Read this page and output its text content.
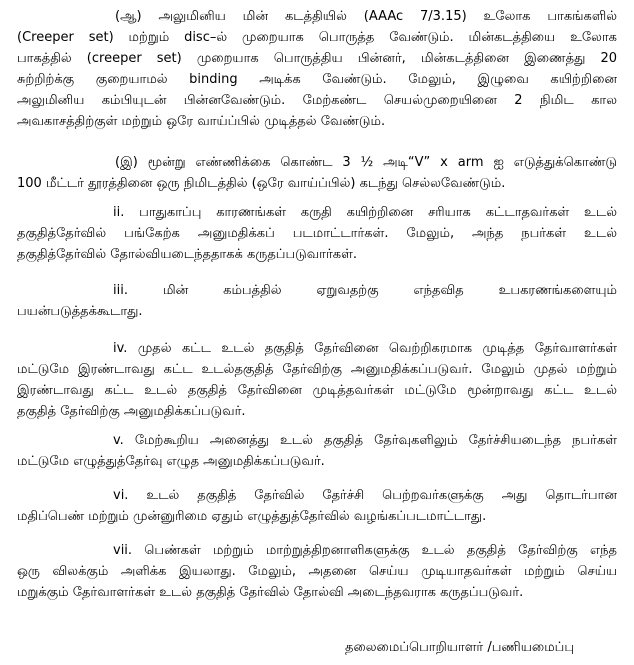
(ஆ) அலுமினிய மின் கடத்தியில் (AAAc 7/3.15) உலோக பாகங்களில்
(Creeper set) மற்றும் disc–ல் முறையாக பொருத்த வேண்டும். மின்கடத்தியை உலோக
பாகத்தில் (creeper set) முறையாக பொருத்திய பின்னர், மின்கடத்தினை இணைத்து 20
சுற்றிற்க்கு குறையாமல் binding அடிக்க வேண்டும். மேலும், இழுவை கயிற்றினை
அலுமினிய கம்பியுடன் பின்னவேண்டும். மேற்கண்ட செயல்முறையினை 2 நிமிட கால
அவகாசத்திற்குள் மற்றும் ஒரே வாய்ப்பில் முடித்தல் வேண்டும்.
(இ) மூன்று எண்ணிக்கை கொண்ட 3 ½ அடி“V” x arm ஐ எடுத்துக்கொண்டு
100 மீட்டர் தூரத்தினை ஒரு நிமிடத்தில் (ஒரே வாய்ப்பில்) கடந்து செல்லவேண்டும்.
ii. பாதுகாப்பு காரணங்கள் கருதி கயிற்றினை சரியாக கட்டாதவர்கள் உடல்
தகுதித்தேர்வில் பங்கேற்க அனுமதிக்கப் படமாட்டார்கள். மேலும், அந்த நபர்கள் உடல்
தகுதித்தேர்வில் தோல்வியடைந்ததாகக் கருதப்படுவார்கள்.
iii. மின் கம்பத்தில் ஏறுவதற்கு எந்தவித உபகரணங்களையும்
பயன்படுத்தக்கூடாது.
iv. முதல் கட்ட உடல் தகுதித் தேர்வினை வெற்றிகரமாக முடித்த தேர்வாளர்கள்
மட்டுமே இரண்டாவது கட்ட உடல்தகுதித் தேர்விற்கு அனுமதிக்கப்படுவர். மேலும் முதல் மற்றும்
இரண்டாவது கட்ட உடல் தகுதித் தேர்வினை முடித்தவர்கள் மட்டுமே மூன்றாவது கட்ட உடல்
தகுதித் தேர்விற்கு அனுமதிக்கப்படுவர்.
v. மேற்கூறிய அனைத்து உடல் தகுதித் தேர்வுகளிலும் தேர்ச்சியடைந்த நபர்கள்
மட்டுமே எழுத்துத்தேர்வு எழுத அனுமதிக்கப்படுவர்.
vi. உடல் தகுதித் தேர்வில் தேர்ச்சி பெற்றவர்களுக்கு அது தொடர்பான
மதிப்பெண் மற்றும் முன்னுரிமை ஏதும் எழுத்துத்தேர்வில் வழங்கப்படமாட்டாது.
vii. பெண்கள் மற்றும் மாற்றுத்திறனாளிகளுக்கு உடல் தகுதித் தேர்விற்கு எந்த
ஒரு விலக்கும் அளிக்க இயலாது. மேலும், அதனை செய்ய முடியாதவர்கள் மற்றும் செய்ய
மறுக்கும் தேர்வாளர்கள் உடல் தகுதித் தேர்வில் தோல்வி அடைந்தவராக கருதப்படுவர்.
தலைமைப்பொறியாளர் /பணியமைப்பு
